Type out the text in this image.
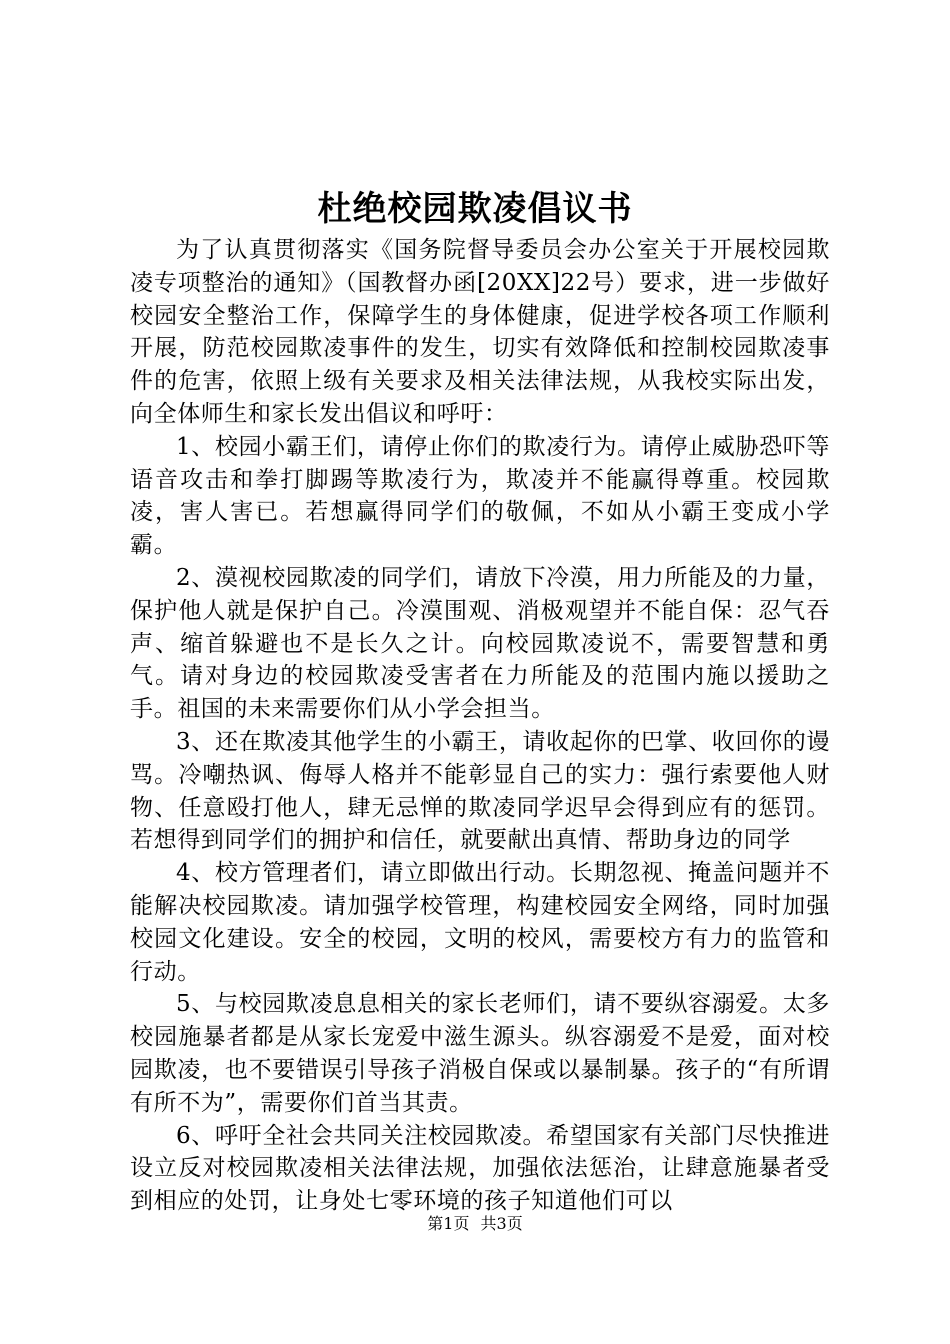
杜绝校园欺凌倡议书

为了认真贯彻落实《国务院督导委员会办公室关于开展校园欺凌专项整治的通知》（国教督办函[20XX]22号）要求，进一步做好校园安全整治工作，保障学生的身体健康，促进学校各项工作顺利开展，防范校园欺凌事件的发生，切实有效降低和控制校园欺凌事件的危害，依照上级有关要求及相关法律法规，从我校实际出发，向全体师生和家长发出倡议和呼吁：

1、校园小霸王们，请停止你们的欺凌行为。请停止威胁恐吓等语音攻击和拳打脚踢等欺凌行为，欺凌并不能赢得尊重。校园欺凌，害人害已。若想赢得同学们的敬佩，不如从小霸王变成小学霸。

2、漠视校园欺凌的同学们，请放下冷漠，用力所能及的力量，保护他人就是保护自己。冷漠围观、消极观望并不能自保：忍气吞声、缩首躲避也不是长久之计。向校园欺凌说不，需要智慧和勇气。请对身边的校园欺凌受害者在力所能及的范围内施以援助之手。祖国的未来需要你们从小学会担当。

3、还在欺凌其他学生的小霸王，请收起你的巴掌、收回你的谩骂。冷嘲热讽、侮辱人格并不能彰显自己的实力：强行索要他人财物、任意殴打他人，肆无忌惮的欺凌同学迟早会得到应有的惩罚。若想得到同学们的拥护和信任，就要献出真情、帮助身边的同学

4、校方管理者们，请立即做出行动。长期忽视、掩盖问题并不能解决校园欺凌。请加强学校管理，构建校园安全网络，同时加强校园文化建设。安全的校园，文明的校风，需要校方有力的监管和行动。

5、与校园欺凌息息相关的家长老师们，请不要纵容溺爱。太多校园施暴者都是从家长宠爱中滋生源头。纵容溺爱不是爱，面对校园欺凌，也不要错误引导孩子消极自保或以暴制暴。孩子的“有所谓有所不为”，需要你们首当其责。

6、呼吁全社会共同关注校园欺凌。希望国家有关部门尽快推进设立反对校园欺凌相关法律法规，加强依法惩治，让肆意施暴者受到相应的处罚，让身处七零环境的孩子知道他们可以

第1页 共3页
